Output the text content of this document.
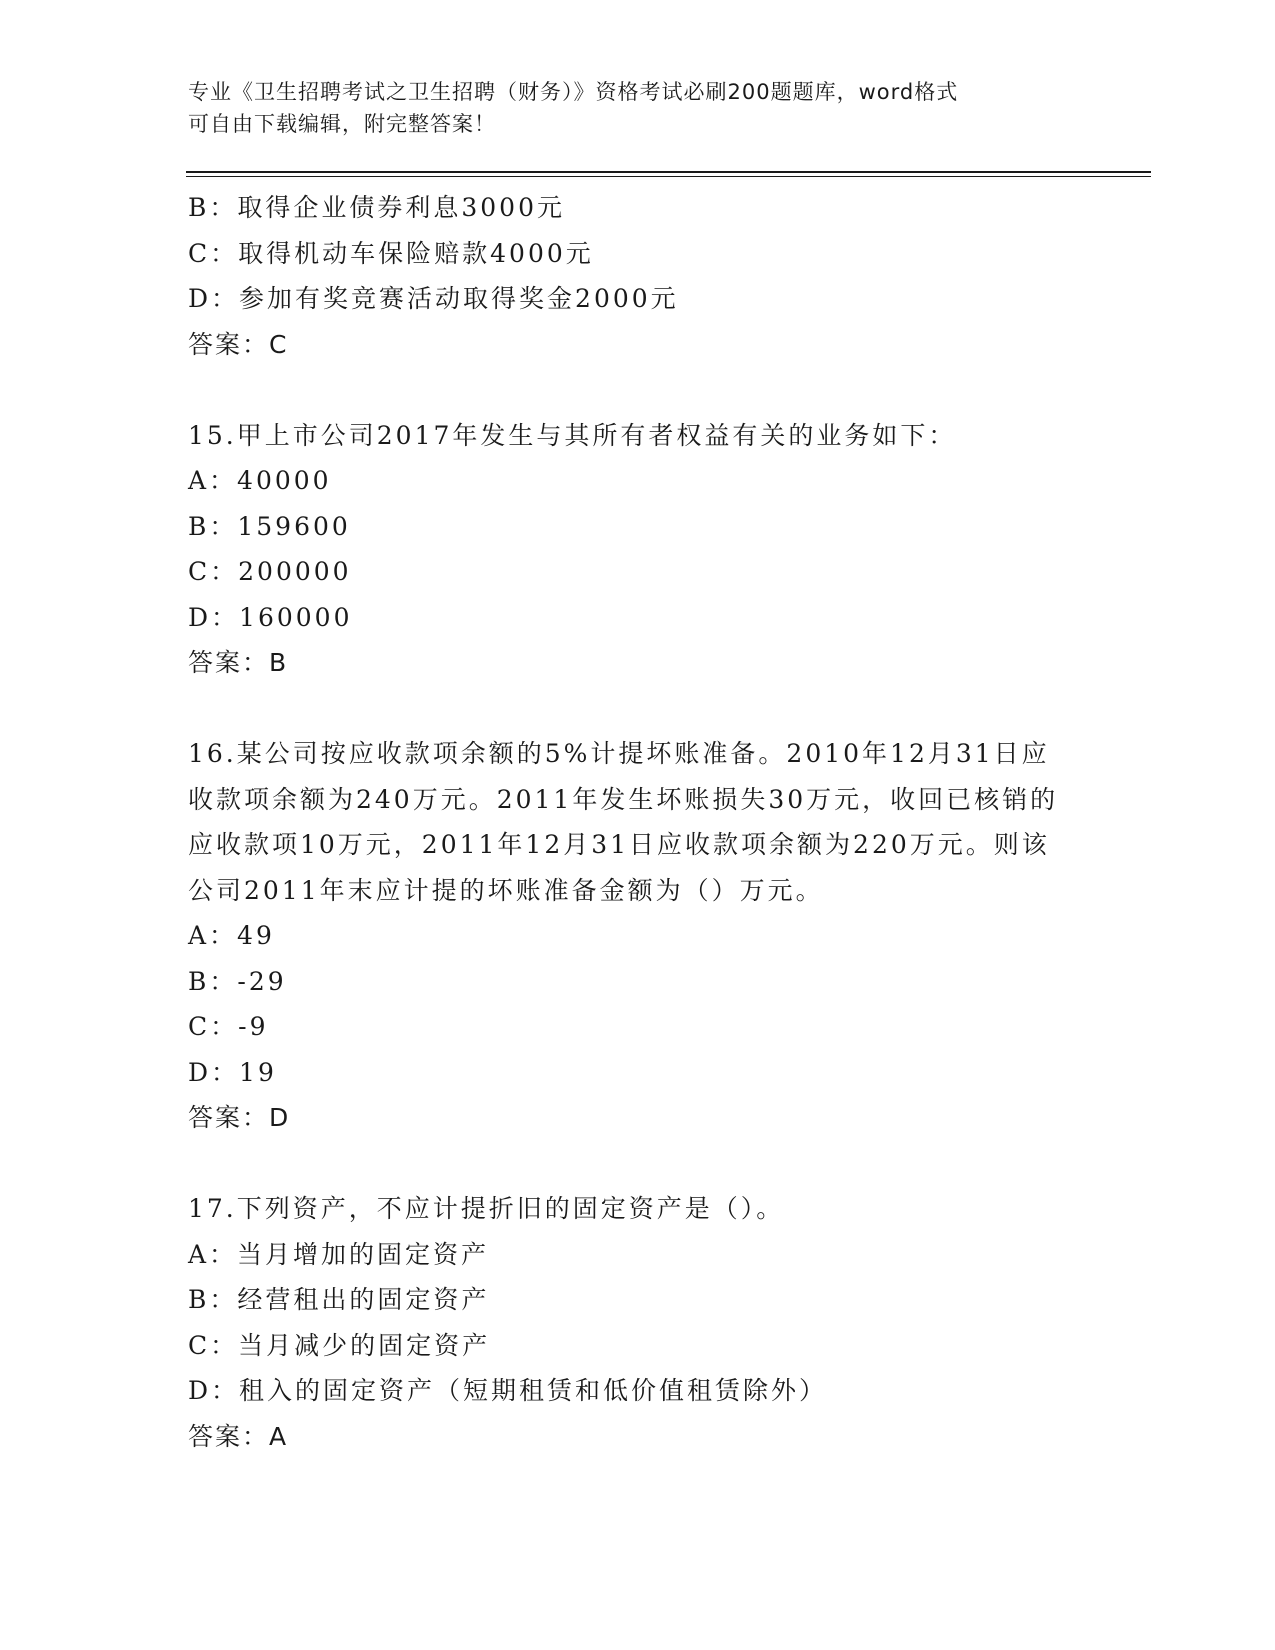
专业《卫生招聘考试之卫生招聘（财务）》资格考试必刷200题题库，word格式
可自由下载编辑，附完整答案！
B：取得企业债券利息3000元
C：取得机动车保险赔款4000元
D：参加有奖竞赛活动取得奖金2000元
答案：C
15.甲上市公司2017年发生与其所有者权益有关的业务如下：
A：40000
B：159600
C：200000
D：160000
答案：B
16.某公司按应收款项余额的5%计提坏账准备。2010年12月31日应
收款项余额为240万元。2011年发生坏账损失30万元，收回已核销的
应收款项10万元，2011年12月31日应收款项余额为220万元。则该
公司2011年末应计提的坏账准备金额为（）万元。
A：49
B：-29
C：-9
D：19
答案：D
17.下列资产，不应计提折旧的固定资产是（）。
A：当月增加的固定资产
B：经营租出的固定资产
C：当月减少的固定资产
D：租入的固定资产（短期租赁和低价值租赁除外）
答案：A
